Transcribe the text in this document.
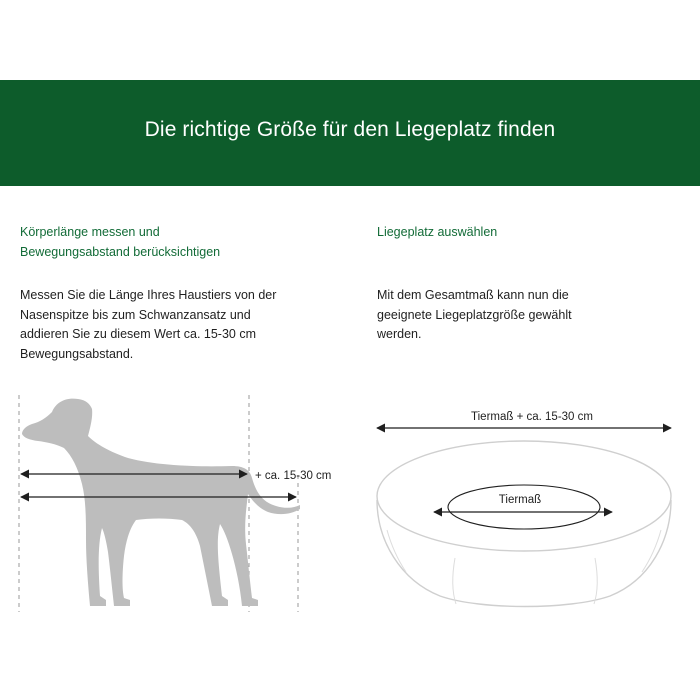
Die richtige Größe für den Liegeplatz finden
Körperlänge messen und
Bewegungsabstand berücksichtigen
Messen Sie die Länge Ihres Haustiers von der
Nasenspitze bis zum Schwanzansatz und
addieren Sie zu diesem Wert ca. 15-30 cm
Bewegungsabstand.
Liegeplatz auswählen
Mit dem Gesamtmaß kann nun die
geeignete Liegeplatzgröße gewählt
werden.
+ ca. 15-30 cm
Tiermaß + ca. 15-30 cm
Tiermaß
